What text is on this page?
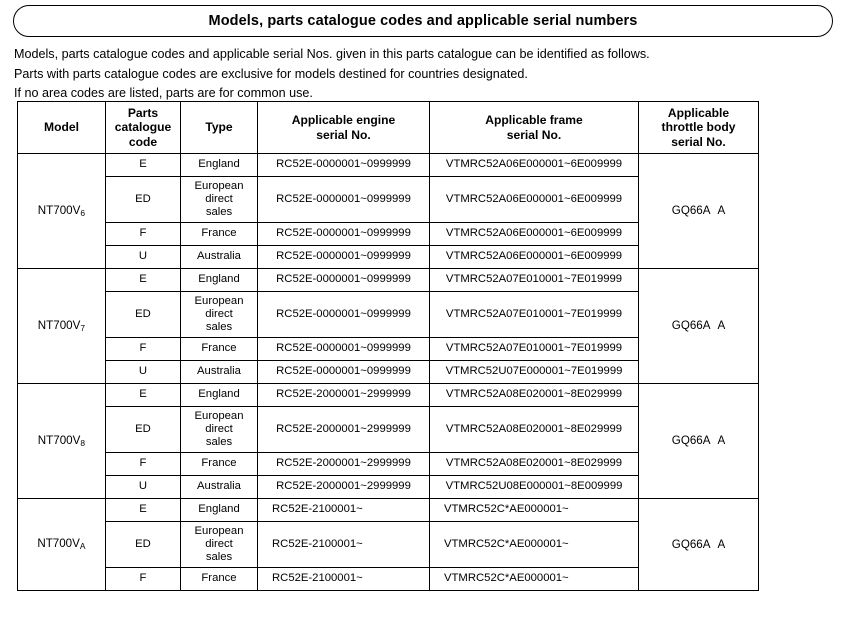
Models, parts catalogue codes and applicable serial numbers
Models, parts catalogue codes and applicable serial Nos. given in this parts catalogue can be identified as follows.
Parts with parts catalogue codes are exclusive for models destined for countries designated.
If no area codes are listed, parts are for common use.
Model	Parts
catalogue
code	Type	Applicable engine
serial No.	Applicable frame
serial No.	Applicable
throttle body
serial No.

NT700V6	E	England	RC52E-0000001~0999999	VTMRC52A06E000001~6E009999	GQ66A A
	ED	European
direct
sales	RC52E-0000001~0999999	VTMRC52A06E000001~6E009999	
	F	France	RC52E-0000001~0999999	VTMRC52A06E000001~6E009999	
	U	Australia	RC52E-0000001~0999999	VTMRC52A06E000001~6E009999	
NT700V7	E	England	RC52E-0000001~0999999	VTMRC52A07E010001~7E019999	GQ66A A
	ED	European
direct
sales	RC52E-0000001~0999999	VTMRC52A07E010001~7E019999	
	F	France	RC52E-0000001~0999999	VTMRC52A07E010001~7E019999	
	U	Australia	RC52E-0000001~0999999	VTMRC52U07E000001~7E019999	
NT700V8	E	England	RC52E-2000001~2999999	VTMRC52A08E020001~8E029999	GQ66A A
	ED	European
direct
sales	RC52E-2000001~2999999	VTMRC52A08E020001~8E029999	
	F	France	RC52E-2000001~2999999	VTMRC52A08E020001~8E029999	
	U	Australia	RC52E-2000001~2999999	VTMRC52U08E000001~8E009999	
NT700VA	E	England	RC52E-2100001~	VTMRC52C*AE000001~	GQ66A A
	ED	European
direct
sales	RC52E-2100001~	VTMRC52C*AE000001~	
	F	France	RC52E-2100001~	VTMRC52C*AE000001~	
